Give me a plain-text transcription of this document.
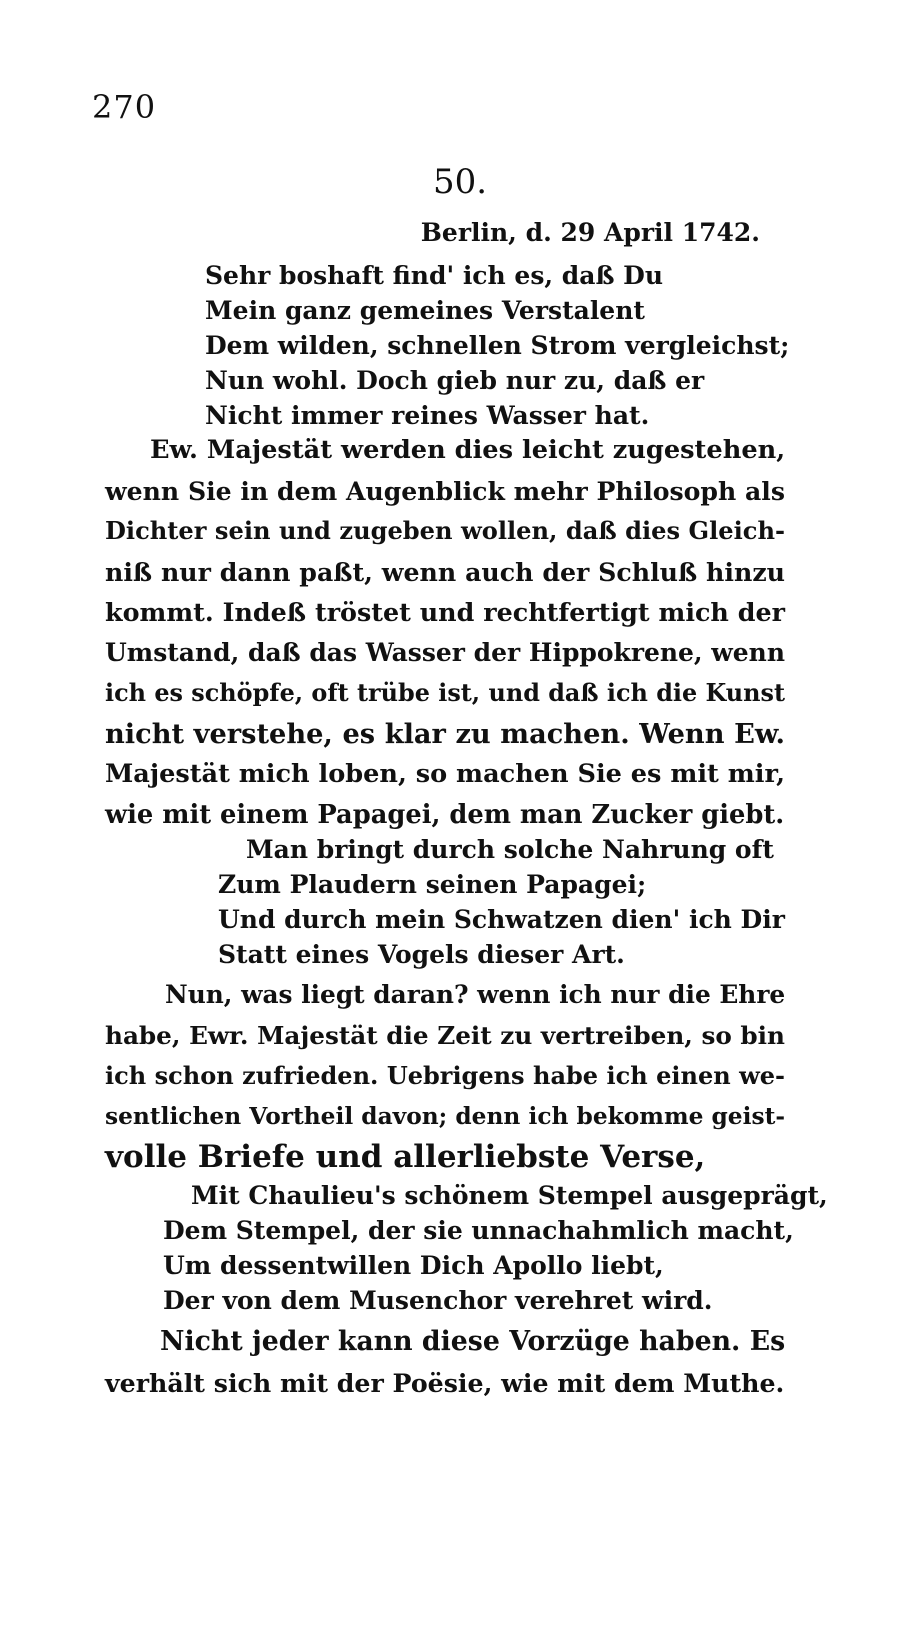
270
50.
Berlin, d. 29 April 1742.
Sehr boshaft find' ich es, daß Du
Mein ganz gemeines Verstalent
Dem wilden, schnellen Strom vergleichst;
Nun wohl. Doch gieb nur zu, daß er
Nicht immer reines Wasser hat.
Ew. Majestät werden dies leicht zugestehen,
wenn Sie in dem Augenblick mehr Philosoph als
Dichter sein und zugeben wollen, daß dies Gleich-
niß nur dann paßt, wenn auch der Schluß hinzu
kommt. Indeß tröstet und rechtfertigt mich der
Umstand, daß das Wasser der Hippokrene, wenn
ich es schöpfe, oft trübe ist, und daß ich die Kunst
nicht verstehe, es klar zu machen. Wenn Ew.
Majestät mich loben, so machen Sie es mit mir,
wie mit einem Papagei, dem man Zucker giebt.
Man bringt durch solche Nahrung oft
Zum Plaudern seinen Papagei;
Und durch mein Schwatzen dien' ich Dir
Statt eines Vogels dieser Art.
Nun, was liegt daran? wenn ich nur die Ehre
habe, Ewr. Majestät die Zeit zu vertreiben, so bin
ich schon zufrieden. Uebrigens habe ich einen we-
sentlichen Vortheil davon; denn ich bekomme geist-
volle Briefe und allerliebste Verse,
Mit Chaulieu's schönem Stempel ausgeprägt,
Dem Stempel, der sie unnachahmlich macht,
Um dessentwillen Dich Apollo liebt,
Der von dem Musenchor verehret wird.
Nicht jeder kann diese Vorzüge haben. Es
verhält sich mit der Poësie, wie mit dem Muthe.
